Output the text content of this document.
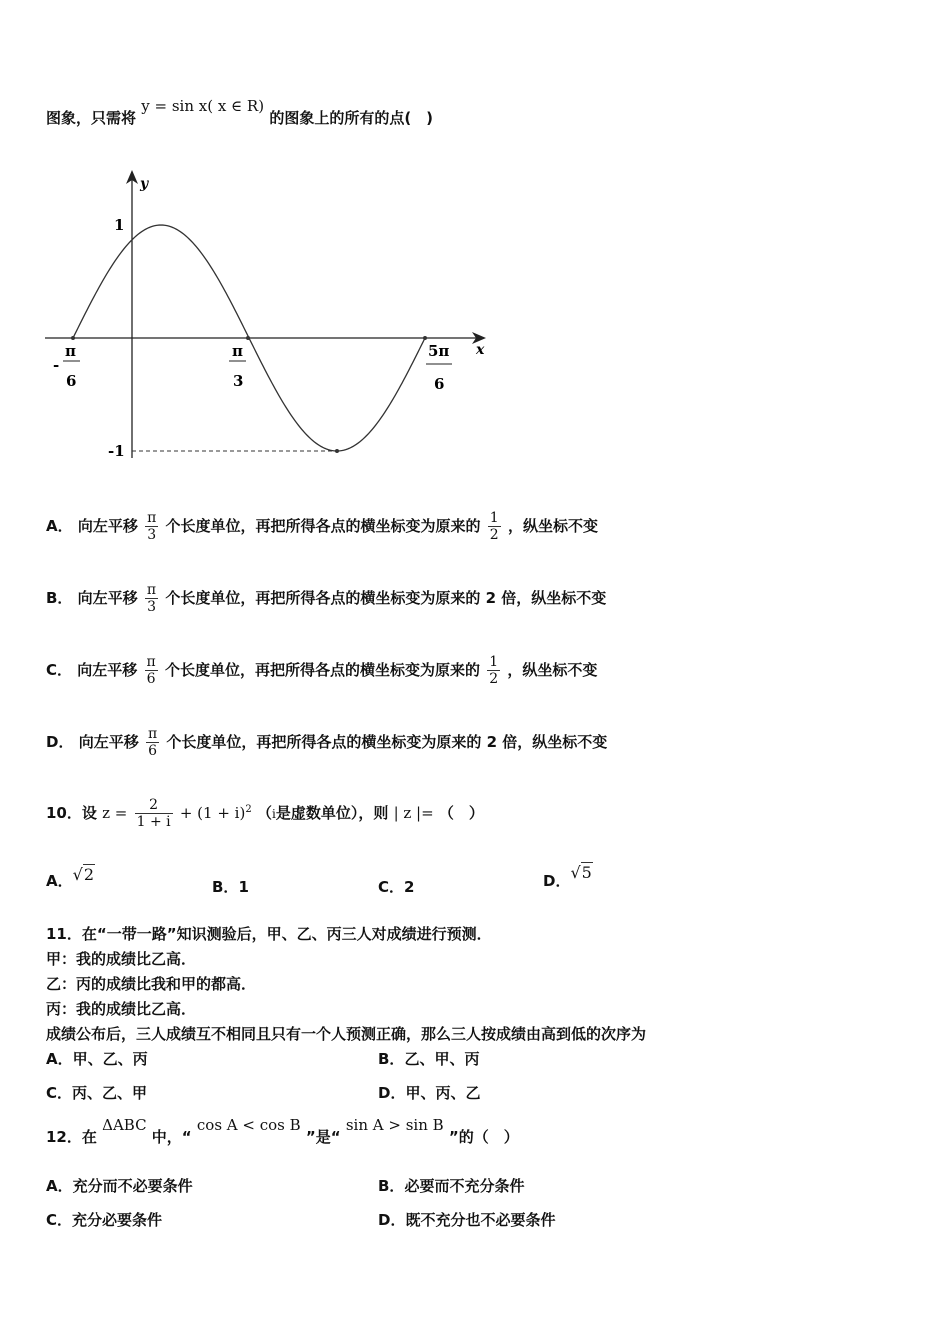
图象，只需将 y = sin x( x ∈ R) 的图象上的所有的点(　)
x
y
1
-1
π
-
6
π
3
5π
6
A． 向左平移 $\frac{\pi}{3}$ 个长度单位，再把所得各点的横坐标变为原来的 $\frac{1}{2}$ ，纵坐标不变
B． 向左平移 $\frac{\pi}{3}$ 个长度单位，再把所得各点的横坐标变为原来的 2 倍，纵坐标不变
C． 向左平移 $\frac{\pi}{6}$ 个长度单位，再把所得各点的横坐标变为原来的 $\frac{1}{2}$ ，纵坐标不变
D． 向左平移 $\frac{\pi}{6}$ 个长度单位，再把所得各点的横坐标变为原来的 2 倍，纵坐标不变
10．设 $z = \frac{2}{1 + i} + (1 + i)^2$ （i是虚数单位），则 | z |= （　）
A．√2
B．1	C．2	D．√5
11．在“一带一路”知识测验后，甲、乙、丙三人对成绩进行预测．
甲：我的成绩比乙高．
乙：丙的成绩比我和甲的都高．
丙：我的成绩比乙高．
成绩公布后，三人成绩互不相同且只有一个人预测正确，那么三人按成绩由高到低的次序为
A．甲、乙、丙	B．乙、甲、丙
C．丙、乙、甲	D．甲、丙、乙
12．在 ΔABC 中，“ cos A < cos B ”是“ sin A > sin B ”的（　）
A．充分而不必要条件	B．必要而不充分条件
C．充分必要条件	D．既不充分也不必要条件
